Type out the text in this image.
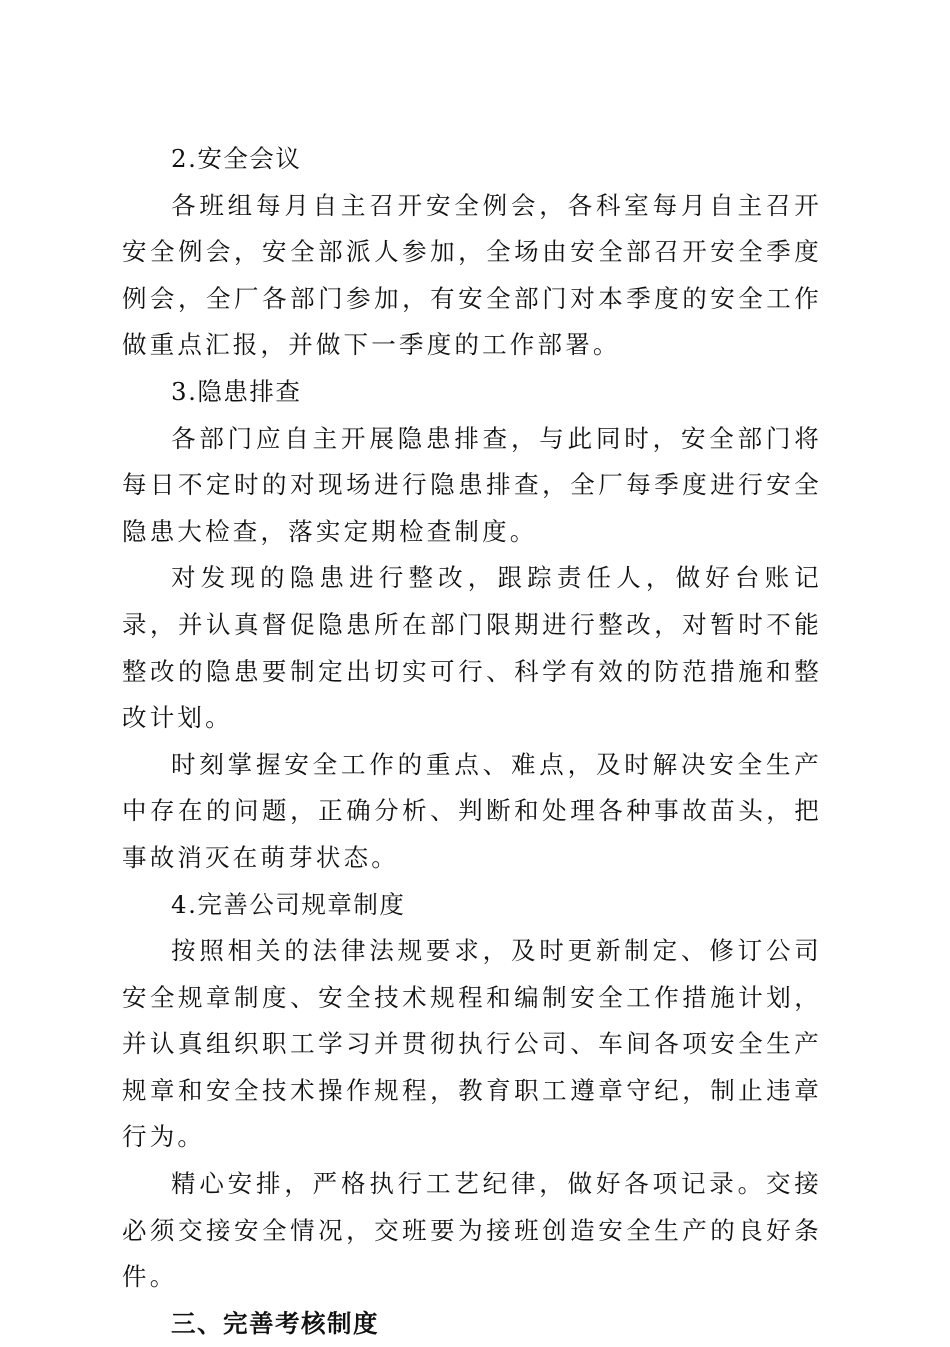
2.安全会议

各班组每月自主召开安全例会，各科室每月自主召开安全例会，安全部派人参加，全场由安全部召开安全季度例会，全厂各部门参加，有安全部门对本季度的安全工作做重点汇报，并做下一季度的工作部署。

3.隐患排查

各部门应自主开展隐患排查，与此同时，安全部门将每日不定时的对现场进行隐患排查，全厂每季度进行安全隐患大检查，落实定期检查制度。

对发现的隐患进行整改，跟踪责任人，做好台账记录，并认真督促隐患所在部门限期进行整改，对暂时不能整改的隐患要制定出切实可行、科学有效的防范措施和整改计划。

时刻掌握安全工作的重点、难点，及时解决安全生产中存在的问题，正确分析、判断和处理各种事故苗头，把事故消灭在萌芽状态。

4.完善公司规章制度

按照相关的法律法规要求，及时更新制定、修订公司安全规章制度、安全技术规程和编制安全工作措施计划，并认真组织职工学习并贯彻执行公司、车间各项安全生产规章和安全技术操作规程，教育职工遵章守纪，制止违章行为。

精心安排，严格执行工艺纪律，做好各项记录。交接必须交接安全情况，交班要为接班创造安全生产的良好条件。

三、完善考核制度
